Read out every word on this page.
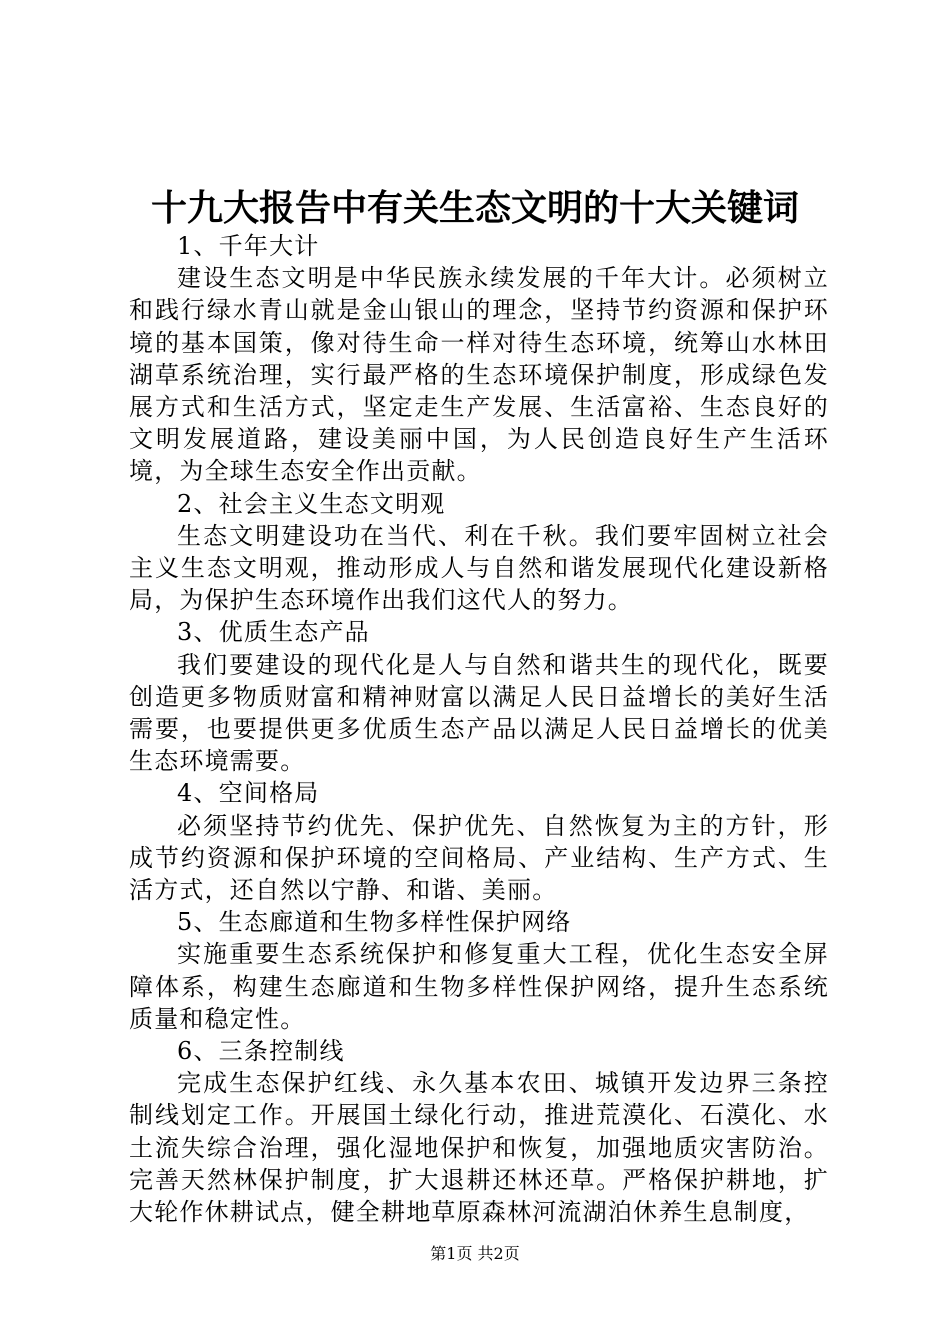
十九大报告中有关生态文明的十大关键词

1、千年大计

建设生态文明是中华民族永续发展的千年大计。必须树立和践行绿水青山就是金山银山的理念，坚持节约资源和保护环境的基本国策，像对待生命一样对待生态环境，统筹山水林田湖草系统治理，实行最严格的生态环境保护制度，形成绿色发展方式和生活方式，坚定走生产发展、生活富裕、生态良好的文明发展道路，建设美丽中国，为人民创造良好生产生活环境，为全球生态安全作出贡献。

2、社会主义生态文明观

生态文明建设功在当代、利在千秋。我们要牢固树立社会主义生态文明观，推动形成人与自然和谐发展现代化建设新格局，为保护生态环境作出我们这代人的努力。

3、优质生态产品

我们要建设的现代化是人与自然和谐共生的现代化，既要创造更多物质财富和精神财富以满足人民日益增长的美好生活需要，也要提供更多优质生态产品以满足人民日益增长的优美生态环境需要。

4、空间格局

必须坚持节约优先、保护优先、自然恢复为主的方针，形成节约资源和保护环境的空间格局、产业结构、生产方式、生活方式，还自然以宁静、和谐、美丽。

5、生态廊道和生物多样性保护网络

实施重要生态系统保护和修复重大工程，优化生态安全屏障体系，构建生态廊道和生物多样性保护网络，提升生态系统质量和稳定性。

6、三条控制线

完成生态保护红线、永久基本农田、城镇开发边界三条控制线划定工作。开展国土绿化行动，推进荒漠化、石漠化、水土流失综合治理，强化湿地保护和恢复，加强地质灾害防治。完善天然林保护制度，扩大退耕还林还草。严格保护耕地，扩大轮作休耕试点，健全耕地草原森林河流湖泊休养生息制度，

第1页 共2页
